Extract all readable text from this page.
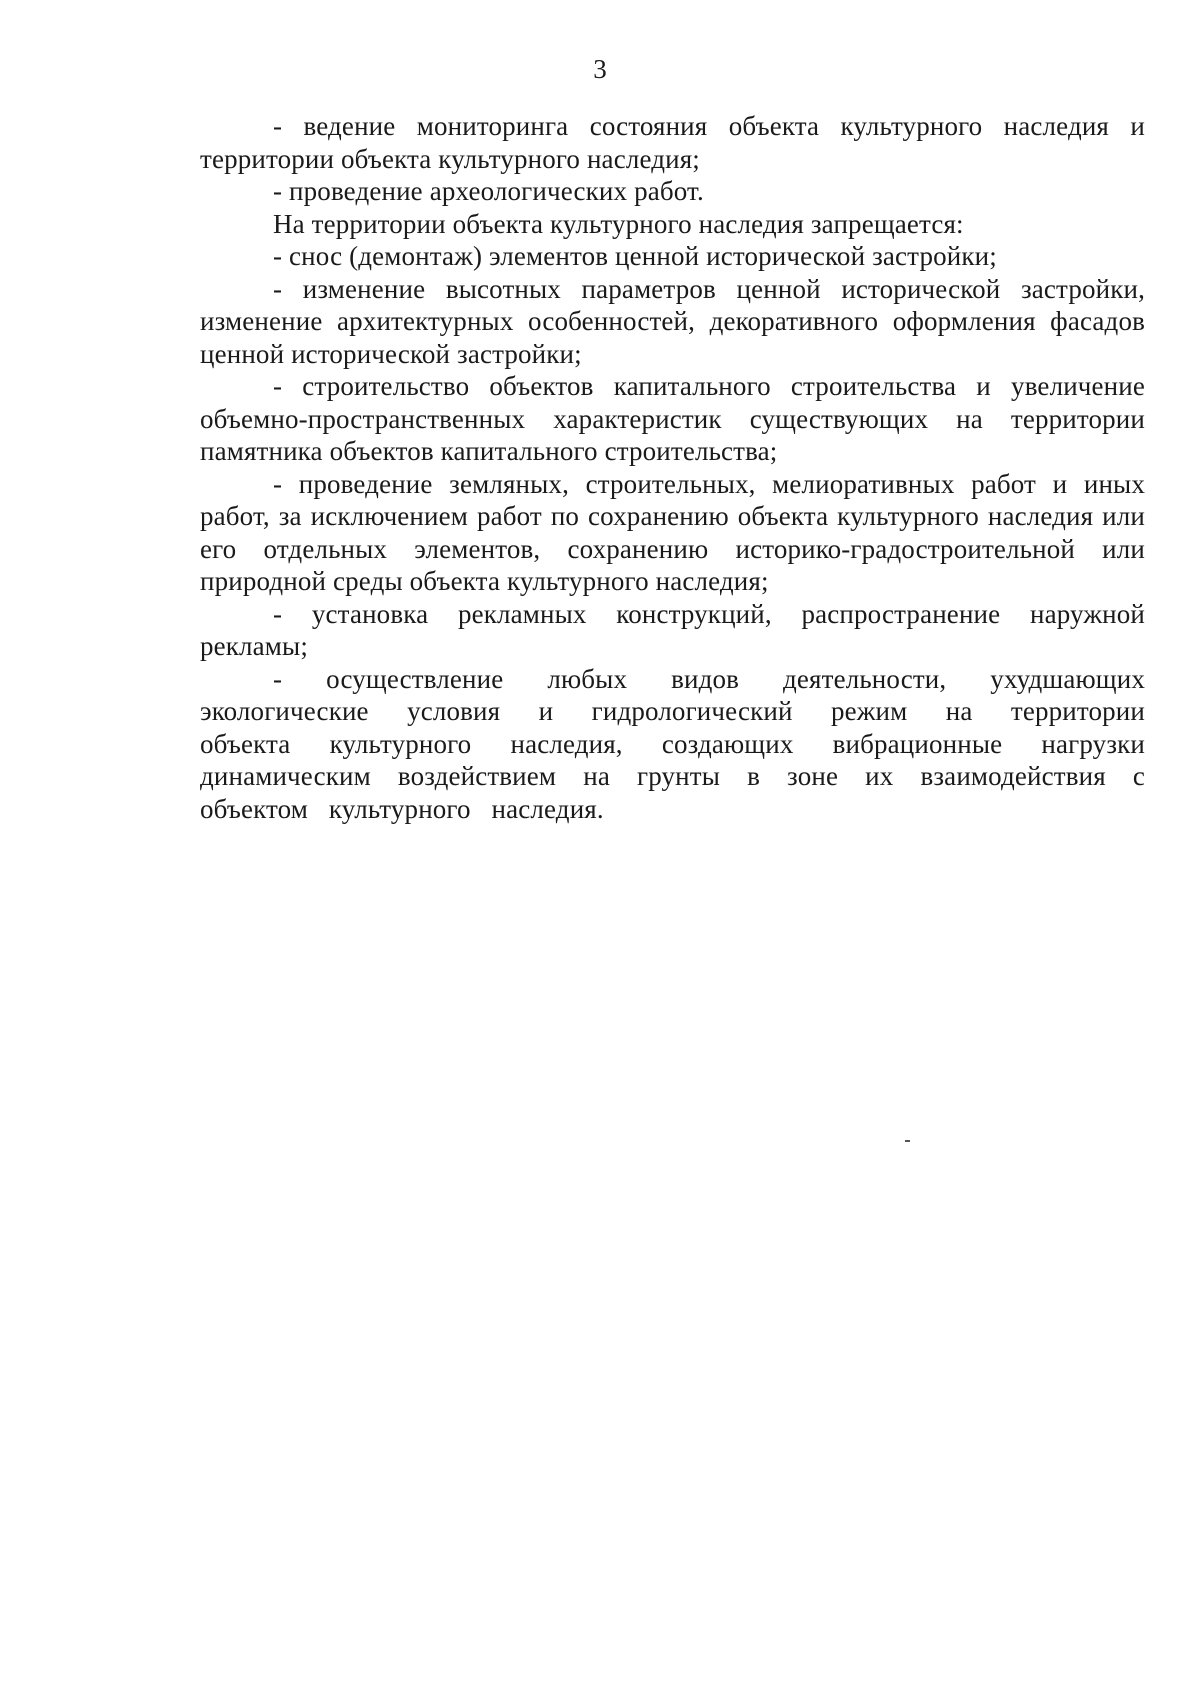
3

- ведение мониторинга состояния объекта культурного наследия и территории объекта культурного наследия;

- проведение археологических работ.

На территории объекта культурного наследия запрещается:

- снос (демонтаж) элементов ценной исторической застройки;

- изменение высотных параметров ценной исторической застройки, изменение архитектурных особенностей, декоративного оформления фасадов ценной исторической застройки;

- строительство объектов капитального строительства и увеличение объемно-пространственных характеристик существующих на территории памятника объектов капитального строительства;

- проведение земляных, строительных, мелиоративных работ и иных работ, за исключением работ по сохранению объекта культурного наследия или его отдельных элементов, сохранению историко-градостроительной или природной среды объекта культурного наследия;

- установка рекламных конструкций, распространение наружной рекламы;

- осуществление любых видов деятельности, ухудшающих экологические условия и гидрологический режим на территории объекта культурного наследия, создающих вибрационные нагрузки динамическим воздействием на грунты в зоне их взаимодействия с объектом культурного наследия.
